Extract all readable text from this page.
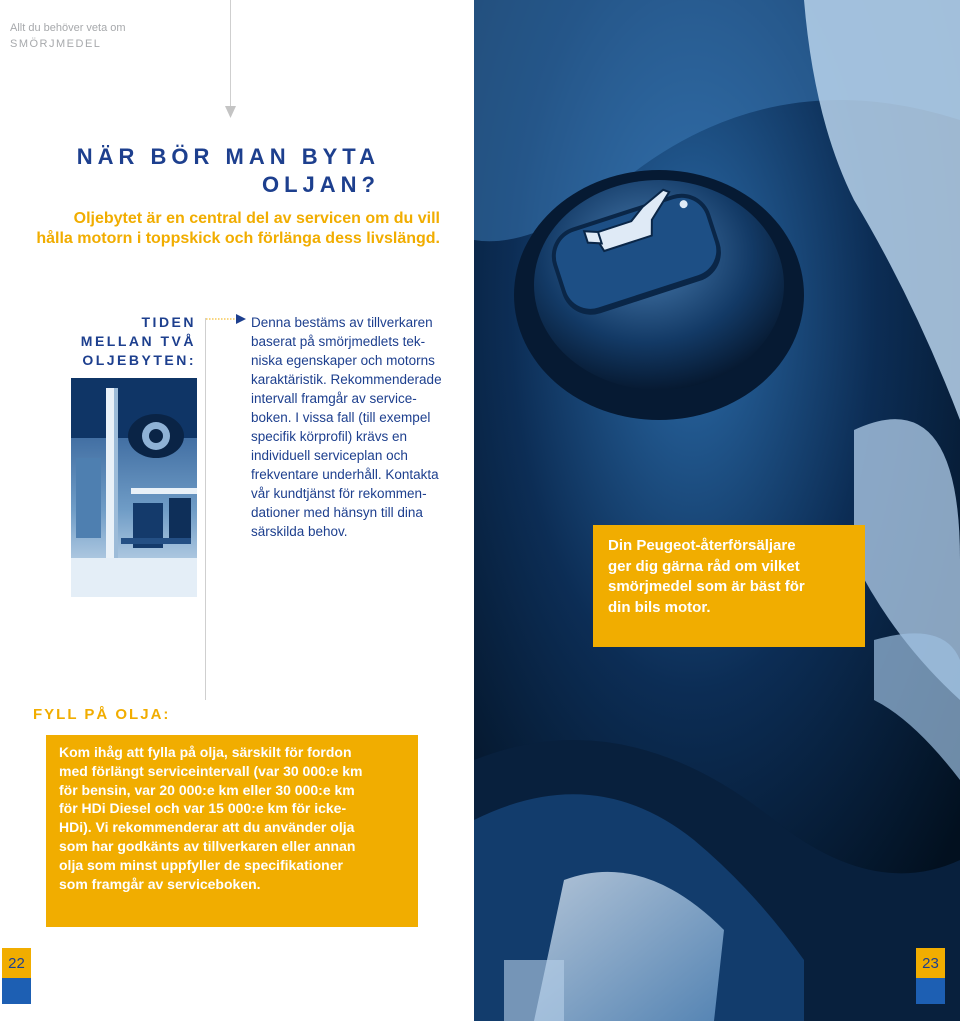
Allt du behöver veta om
SMÖRJMEDEL
NÄR BÖR MAN BYTA
OLJAN?
Oljebytet är en central del av servicen om du vill
hålla motorn i toppskick och förlänga dess livslängd.
TIDEN
MELLAN TVÅ
OLJEBYTEN:
Denna bestäms av tillverkaren
baserat på smörjmedlets tek-
niska egenskaper och motorns
karaktäristik. Rekommenderade
intervall framgår av service-
boken. I vissa fall (till exempel
specifik körprofil) krävs en
individuell serviceplan och
frekventare underhåll. Kontakta
vår kundtjänst för rekommen-
dationer med hänsyn till dina
särskilda behov.
Din Peugeot-återförsäljare
ger dig gärna råd om vilket
smörjmedel som är bäst för
din bils motor.
FYLL PÅ OLJA:
Kom ihåg att fylla på olja, särskilt för fordon
med förlängt serviceintervall (var 30 000:e km
för bensin, var 20 000:e km eller 30 000:e km
för HDi Diesel och var 15 000:e km för icke-
HDi). Vi rekommenderar att du använder olja
som har godkänts av tillverkaren eller annan
olja som minst uppfyller de specifikationer
som framgår av serviceboken.
22	23
